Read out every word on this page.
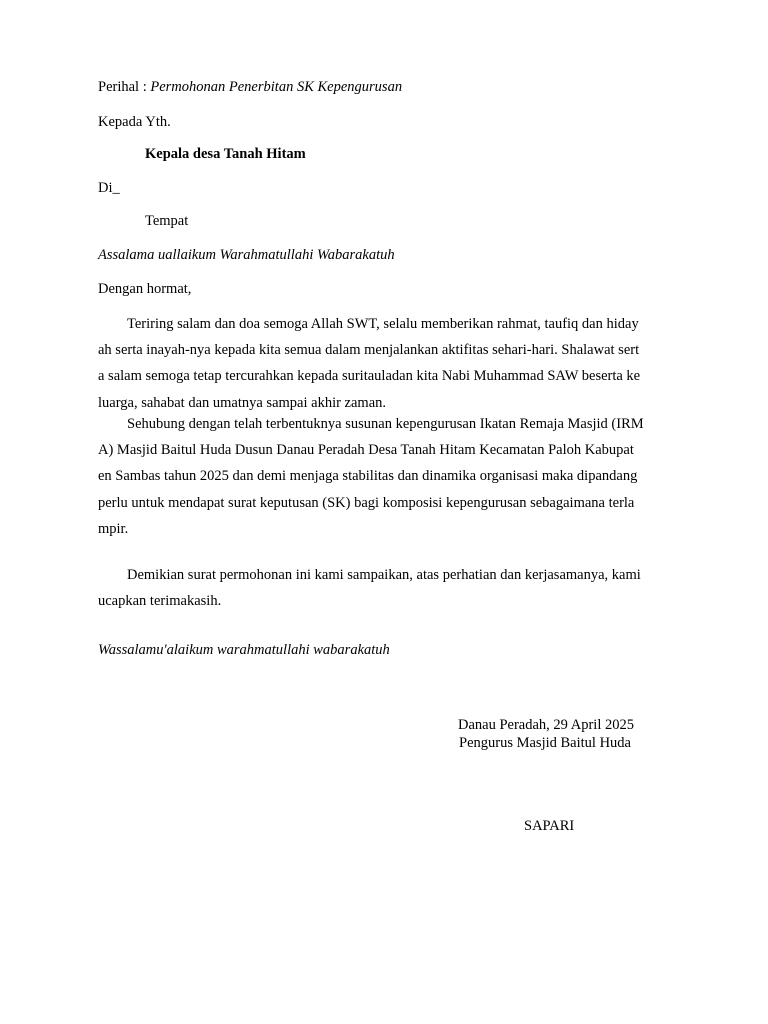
Perihal : Permohonan Penerbitan SK Kepengurusan
Kepada Yth.
Kepala desa Tanah Hitam
Di_
Tempat
Assalama uallaikum Warahmatullahi Wabarakatuh
Dengan hormat,
Teriring salam dan doa semoga Allah SWT, selalu memberikan rahmat, taufiq dan hiday
ah serta inayah-nya kepada kita semua dalam menjalankan aktifitas sehari-hari. Shalawat sert
a salam semoga tetap tercurahkan kepada suritauladan kita Nabi Muhammad SAW beserta ke
luarga, sahabat dan umatnya sampai akhir zaman.
Sehubung dengan telah terbentuknya susunan kepengurusan Ikatan Remaja Masjid (IRM
A) Masjid Baitul Huda Dusun Danau Peradah Desa Tanah Hitam Kecamatan Paloh Kabupat
en Sambas tahun 2025 dan demi menjaga stabilitas dan dinamika organisasi maka dipandang
perlu untuk mendapat surat keputusan (SK) bagi komposisi kepengurusan sebagaimana terla
mpir.
Demikian surat permohonan ini kami sampaikan, atas perhatian dan kerjasamanya, kami
ucapkan terimakasih.
Wassalamu'alaikum warahmatullahi wabarakatuh
Danau Peradah, 29 April 2025
Pengurus Masjid Baitul Huda
SAPARI
